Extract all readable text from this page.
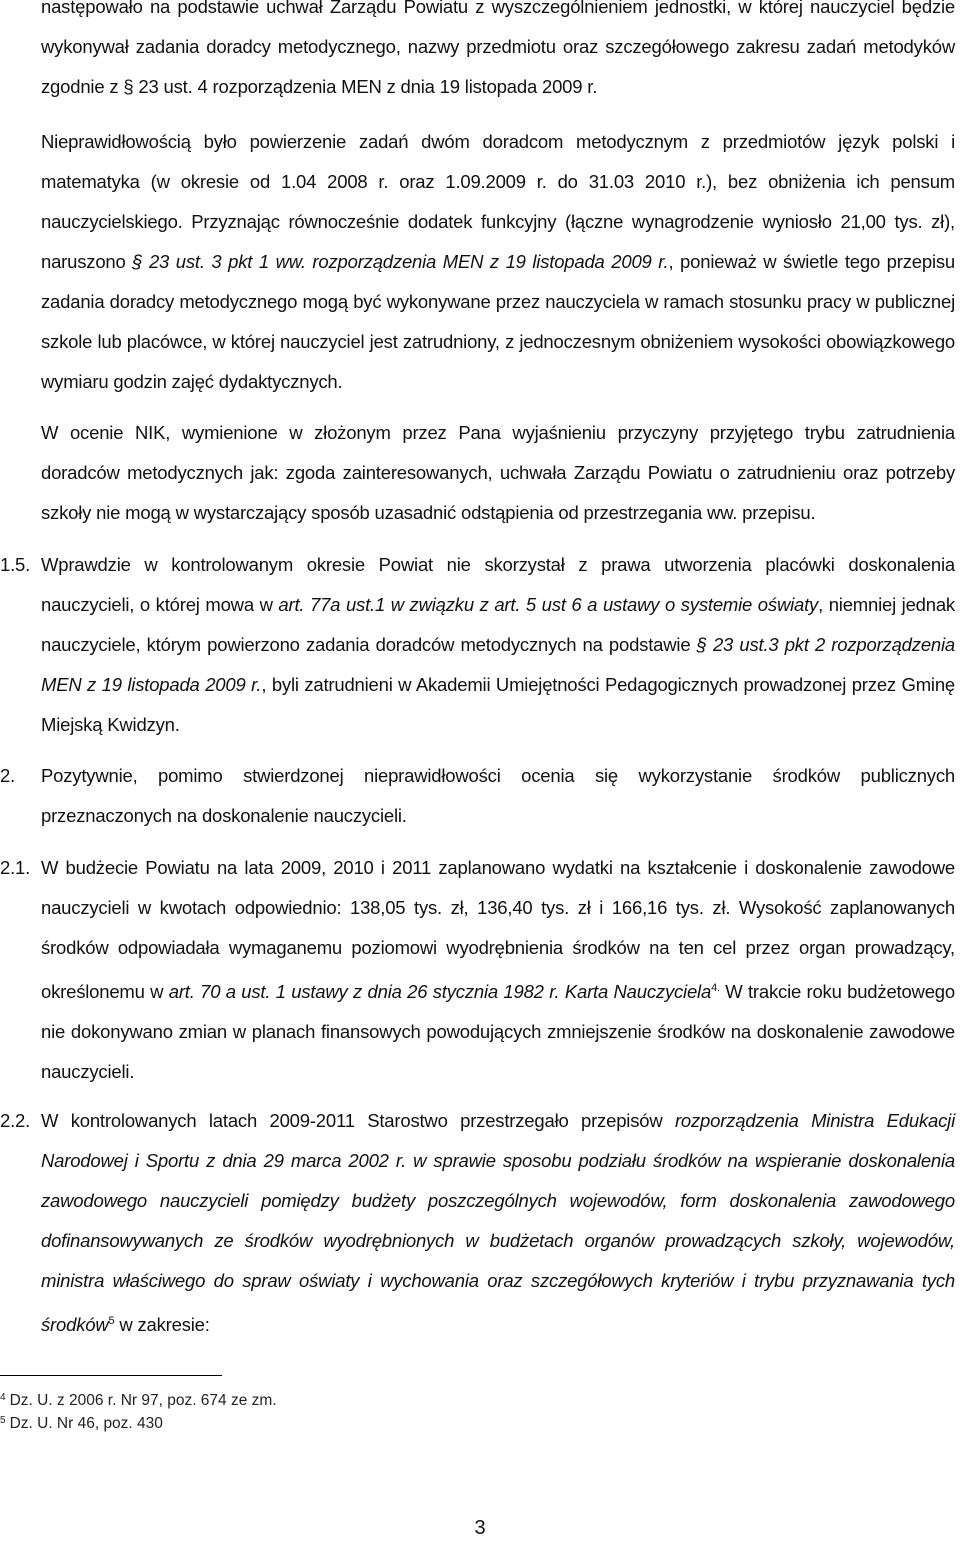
następowało na podstawie uchwał Zarządu Powiatu z wyszczególnieniem jednostki, w której nauczyciel będzie wykonywał zadania doradcy metodycznego, nazwy przedmiotu oraz szczegółowego zakresu zadań metodyków zgodnie z § 23 ust. 4 rozporządzenia MEN z dnia 19 listopada 2009 r.

Nieprawidłowością było powierzenie zadań dwóm doradcom metodycznym z przedmiotów język polski i matematyka (w okresie od 1.04 2008 r. oraz 1.09.2009 r. do 31.03 2010 r.), bez obniżenia ich pensum nauczycielskiego. Przyznając równocześnie dodatek funkcyjny (łączne wynagrodzenie wyniosło 21,00 tys. zł), naruszono § 23 ust. 3 pkt 1 ww. rozporządzenia MEN z 19 listopada 2009 r., ponieważ w świetle tego przepisu zadania doradcy metodycznego mogą być wykonywane przez nauczyciela w ramach stosunku pracy w publicznej szkole lub placówce, w której nauczyciel jest zatrudniony, z jednoczesnym obniżeniem wysokości obowiązkowego wymiaru godzin zajęć dydaktycznych.

W ocenie NIK, wymienione w złożonym przez Pana wyjaśnieniu przyczyny przyjętego trybu zatrudnienia doradców metodycznych jak: zgoda zainteresowanych, uchwała Zarządu Powiatu o zatrudnieniu oraz potrzeby szkoły nie mogą w wystarczający sposób uzasadnić odstąpienia od przestrzegania ww. przepisu.

1.5. Wprawdzie w kontrolowanym okresie Powiat nie skorzystał z prawa utworzenia placówki doskonalenia nauczycieli, o której mowa w art. 77a ust.1 w związku z art. 5 ust 6 a ustawy o systemie oświaty, niemniej jednak nauczyciele, którym powierzono zadania doradców metodycznych na podstawie § 23 ust.3 pkt 2 rozporządzenia MEN z 19 listopada 2009 r., byli zatrudnieni w Akademii Umiejętności Pedagogicznych prowadzonej przez Gminę Miejską Kwidzyn.
2.	Pozytywnie, pomimo stwierdzonej nieprawidłowości ocenia się wykorzystanie środków publicznych przeznaczonych na doskonalenie nauczycieli.
2.1. W budżecie Powiatu na lata 2009, 2010 i 2011 zaplanowano wydatki na kształcenie i doskonalenie zawodowe nauczycieli w kwotach odpowiednio: 138,05 tys. zł, 136,40 tys. zł i 166,16 tys. zł. Wysokość zaplanowanych środków odpowiadała wymaganemu poziomowi wyodrębnienia środków na ten cel przez organ prowadzący, określonemu w art. 70 a ust. 1 ustawy z dnia 26 stycznia 1982 r. Karta Nauczyciela$^{4.}$ W trakcie roku budżetowego nie dokonywano zmian w planach finansowych powodujących zmniejszenie środków na doskonalenie zawodowe nauczycieli.
2.2. W kontrolowanych latach 2009-2011 Starostwo przestrzegało przepisów rozporządzenia Ministra Edukacji Narodowej i Sportu z dnia 29 marca 2002 r. w sprawie sposobu podziału środków na wspieranie doskonalenia zawodowego nauczycieli pomiędzy budżety poszczególnych wojewodów, form doskonalenia zawodowego dofinansowywanych ze środków wyodrębnionych w budżetach organów prowadzących szkoły, wojewodów, ministra właściwego do spraw oświaty i wychowania oraz szczegółowych kryteriów i trybu przyznawania tych środków$^5$ w zakresie:
$^4$ Dz. U. z 2006 r. Nr 97, poz. 674 ze zm.
$^5$ Dz. U. Nr 46, poz. 430
3
